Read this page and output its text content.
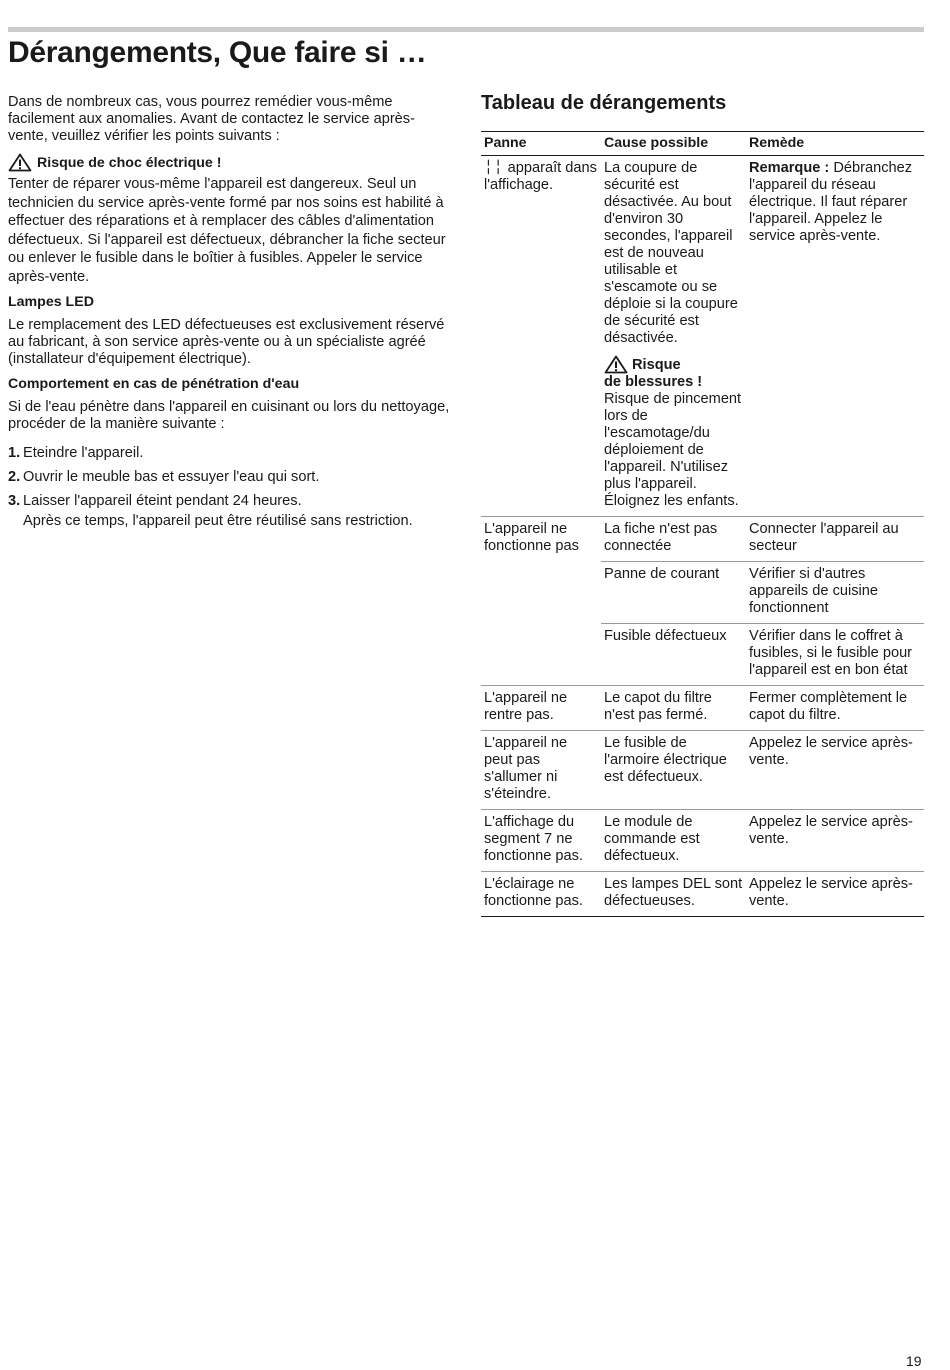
Dérangements, Que faire si …

Dans de nombreux cas, vous pourrez remédier vous-même facilement aux anomalies. Avant de contactez le service après-vente, veuillez vérifier les points suivants :

Risque de choc électrique !

Tenter de réparer vous-même l'appareil est dangereux. Seul un technicien du service après-vente formé par nos soins est habilité à effectuer des réparations et à remplacer des câbles d'alimentation défectueux. Si l'appareil est défectueux, débrancher la fiche secteur ou enlever le fusible dans le boîtier à fusibles. Appeler le service après-vente.

Lampes LED

Le remplacement des LED défectueuses est exclusivement réservé au fabricant, à son service après-vente ou à un spécialiste agréé (installateur d'équipement électrique).

Comportement en cas de pénétration d'eau

Si de l'eau pénètre dans l'appareil en cuisinant ou lors du nettoyage, procéder de la manière suivante :

1. Eteindre l'appareil.
2. Ouvrir le meuble bas et essuyer l'eau qui sort.
3. Laisser l'appareil éteint pendant 24 heures.
Après ce temps, l'appareil peut être réutilisé sans restriction.
Tableau de dérangements
Panne	Cause possible	Remède
╎╎ apparaît dans l'affichage.	La coupure de sécurité est désactivée. Au bout d'environ 30 secondes, l'appareil est de nouveau utilisable et s'escamote ou se déploie si la coupure de sécurité est désactivée.
Risque
de blessures !
Risque de pincement lors de l'escamotage/du déploiement de l'appareil. N'utilisez plus l'appareil. Éloignez les enfants.	Remarque : Débranchez l'appareil du réseau électrique. Il faut réparer l'appareil. Appelez le service après-vente.
L'appareil ne fonctionne pas	La fiche n'est pas connectée	Connecter l'appareil au secteur
	Panne de courant	Vérifier si d'autres appareils de cuisine fonctionnent
	Fusible défectueux	Vérifier dans le coffret à fusibles, si le fusible pour l'appareil est en bon état
L'appareil ne rentre pas.	Le capot du filtre n'est pas fermé.	Fermer complètement le capot du filtre.
L'appareil ne peut pas s'allumer ni s'éteindre.	Le fusible de l'armoire électrique est défectueux.	Appelez le service après-vente.
L'affichage du segment 7 ne fonctionne pas.	Le module de commande est défectueux.	Appelez le service après-vente.
L'éclairage ne fonctionne pas.	Les lampes DEL sont défectueuses.	Appelez le service après-vente.
19
